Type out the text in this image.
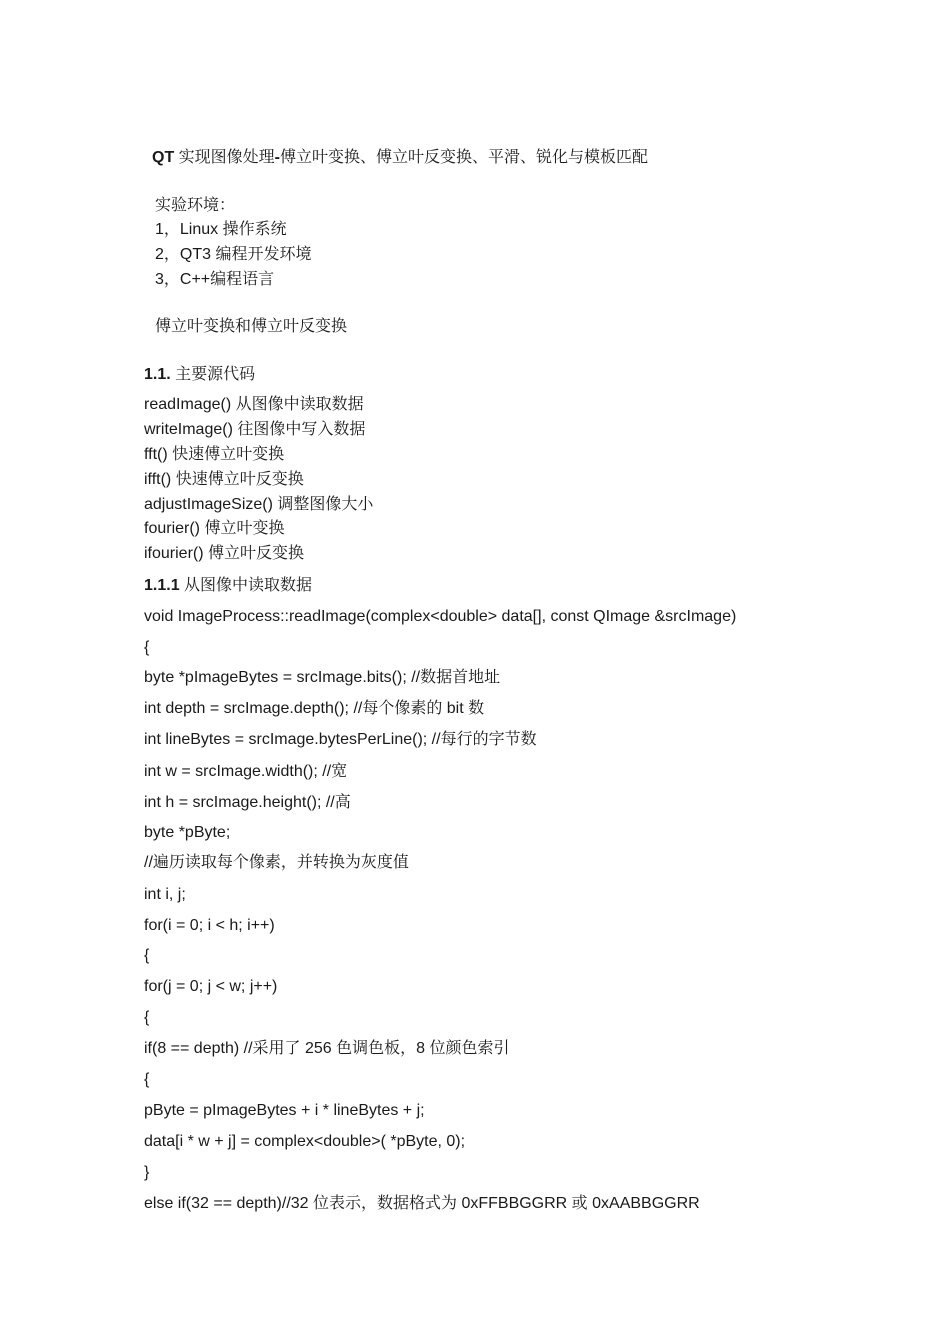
QT 实现图像处理-傅立叶变换、傅立叶反变换、平滑、锐化与模板匹配
实验环境：
1，Linux 操作系统
2，QT3 编程开发环境
3，C++编程语言
傅立叶变换和傅立叶反变换
1.1. 主要源代码
readImage() 从图像中读取数据
writeImage() 往图像中写入数据
fft() 快速傅立叶变换
ifft() 快速傅立叶反变换
adjustImageSize() 调整图像大小
fourier() 傅立叶变换
ifourier() 傅立叶反变换
1.1.1 从图像中读取数据
void ImageProcess::readImage(complex<double> data[], const QImage &srcImage)
{
byte *pImageBytes = srcImage.bits(); //数据首地址
int depth = srcImage.depth(); //每个像素的 bit 数
int lineBytes = srcImage.bytesPerLine(); //每行的字节数
int w = srcImage.width(); //宽
int h = srcImage.height(); //高
byte *pByte;
//遍历读取每个像素，并转换为灰度值
int i, j;
for(i = 0; i < h; i++)
{
for(j = 0; j < w; j++)
{
if(8 == depth) //采用了 256 色调色板，8 位颜色索引
{
pByte = pImageBytes + i * lineBytes + j;
data[i * w + j] = complex<double>( *pByte, 0);
}
else if(32 == depth)//32 位表示，数据格式为 0xFFBBGGRR 或 0xAABBGGRR
